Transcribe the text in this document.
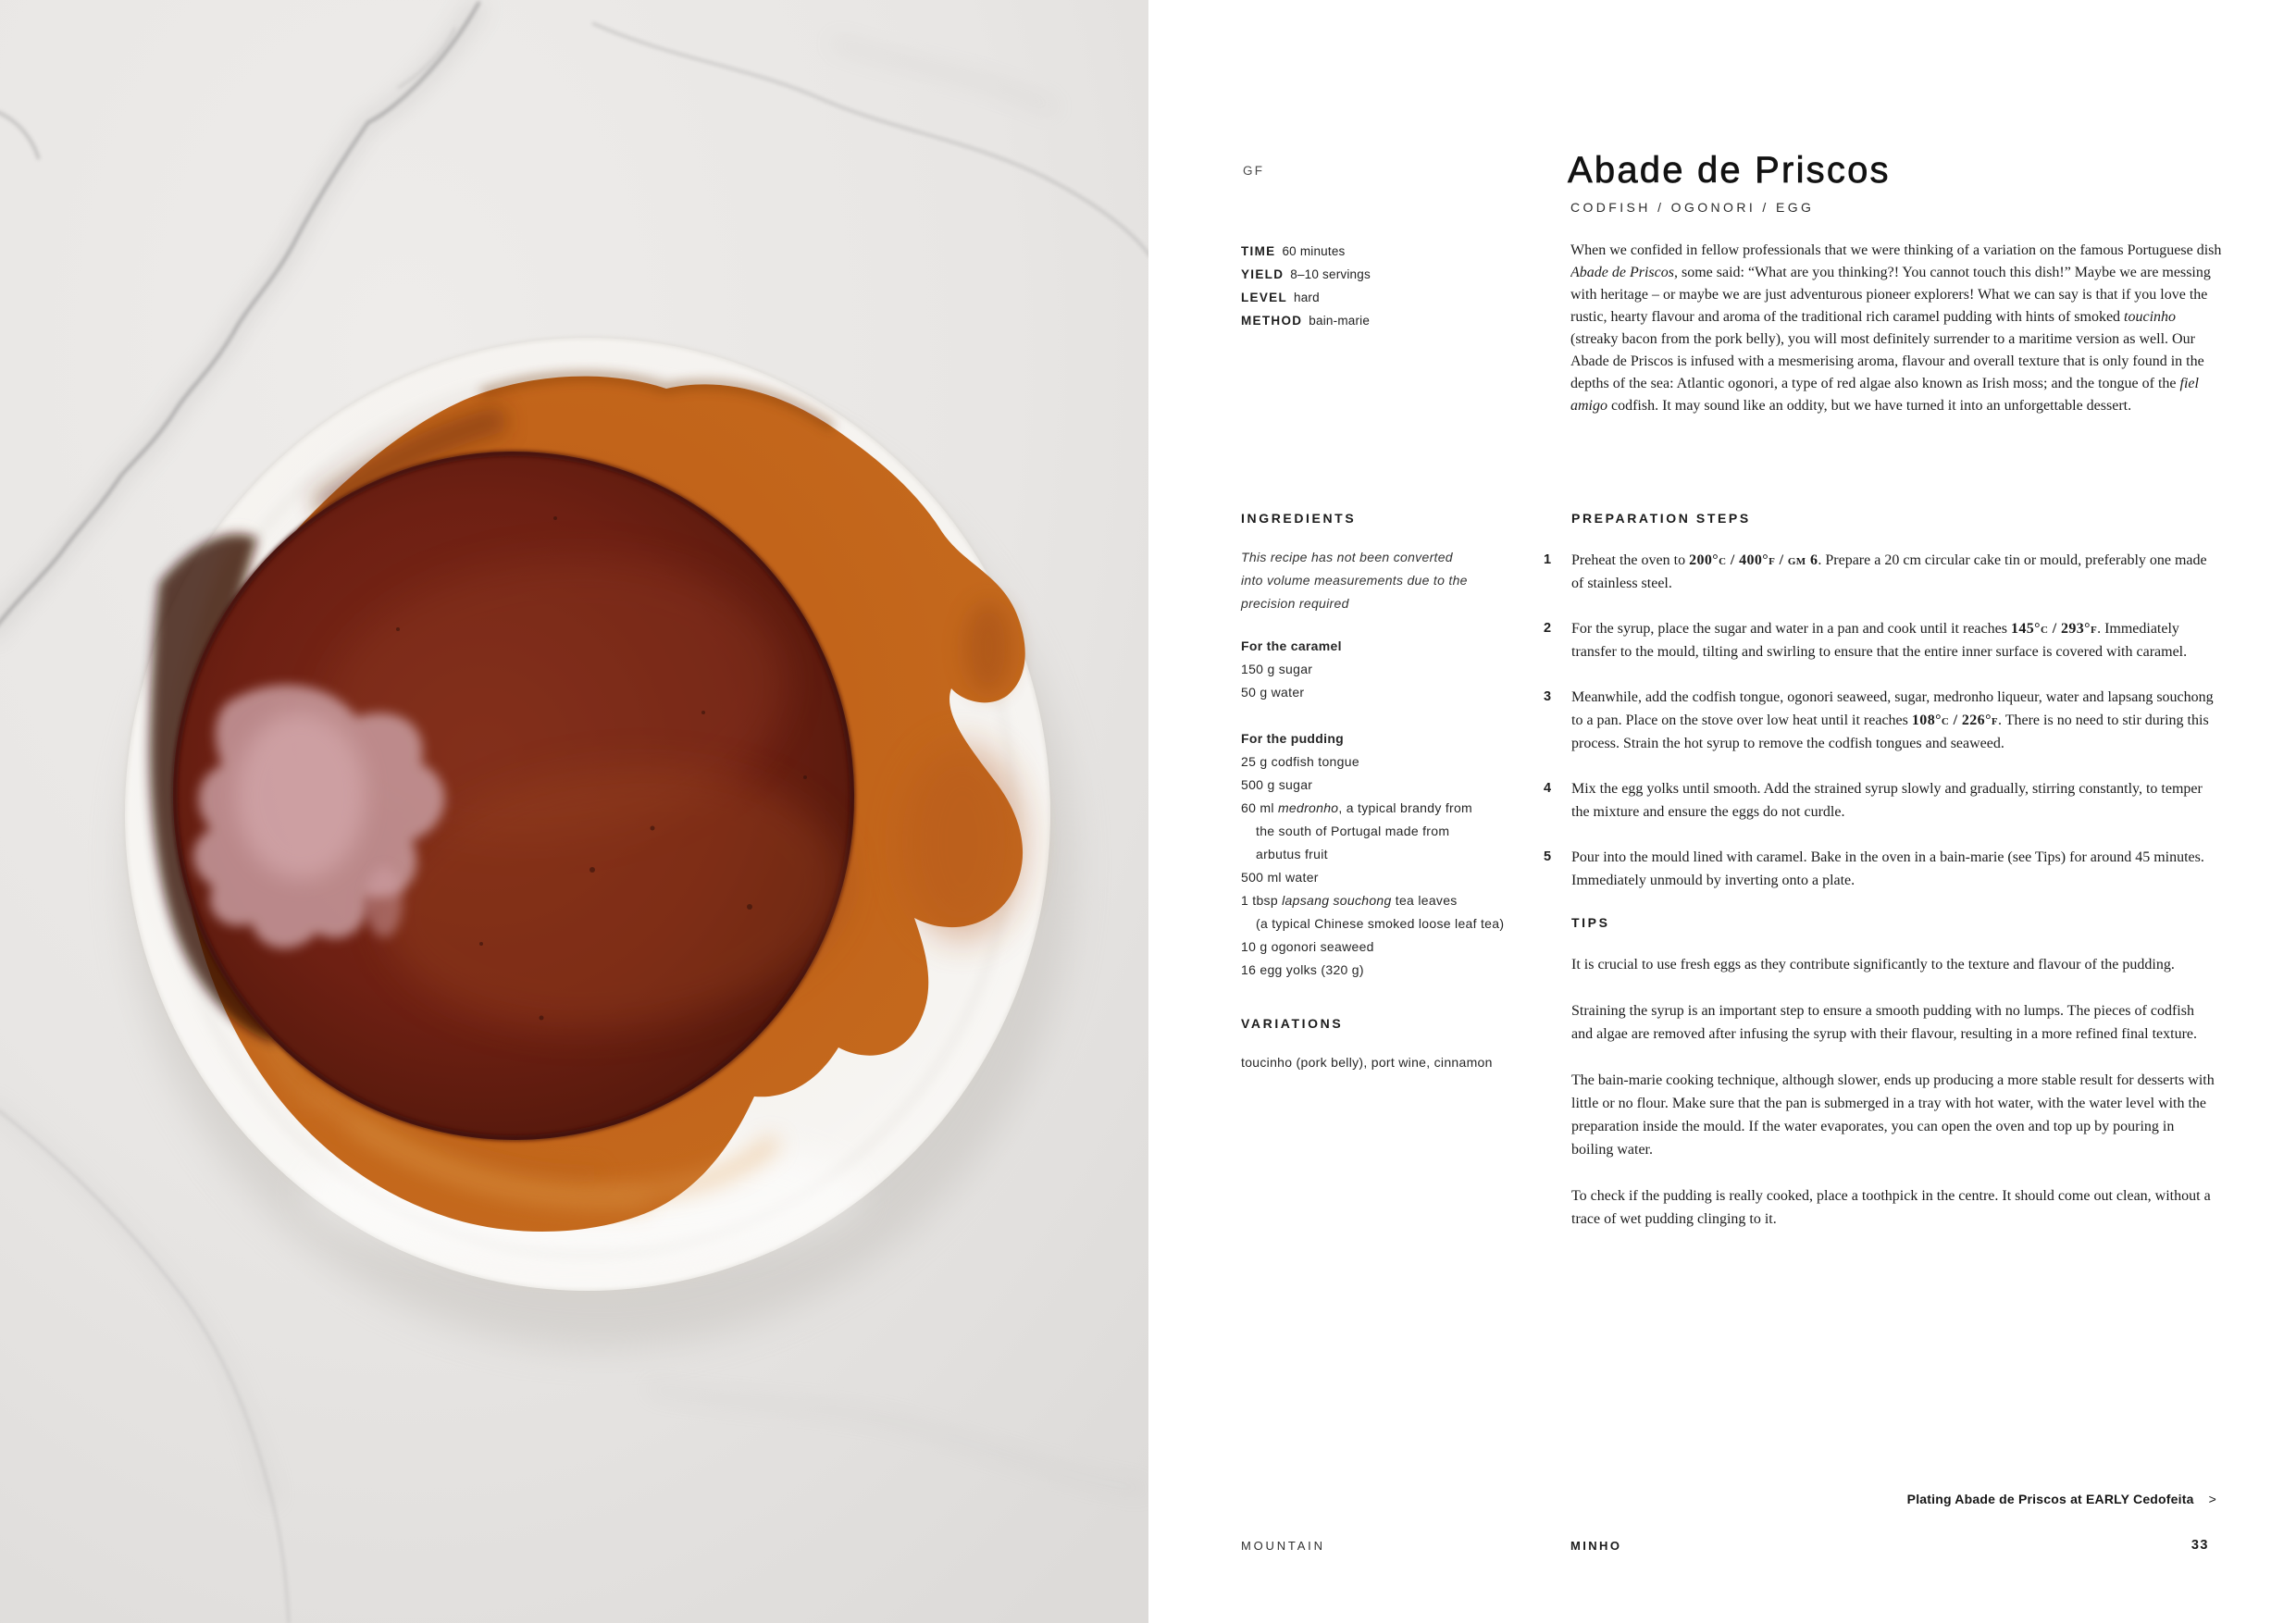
GF	Abade de Priscos
CODFISH / OGONORI / EGG
TIME 60 minutes
YIELD 8–10 servings
LEVEL hard
METHOD bain-marie
When we confided in fellow professionals that we were thinking of a variation on the famous Portuguese dish Abade de Priscos, some said: “What are you thinking?! You cannot touch this dish!” Maybe we are messing with heritage – or maybe we are just adventurous pioneer explorers! What we can say is that if you love the rustic, hearty flavour and aroma of the traditional rich caramel pudding with hints of smoked toucinho (streaky bacon from the pork belly), you will most definitely surrender to a maritime version as well. Our Abade de Priscos is infused with a mesmerising aroma, flavour and overall texture that is only found in the depths of the sea: Atlantic ogonori, a type of red algae also known as Irish moss; and the tongue of the fiel amigo codfish. It may sound like an oddity, but we have turned it into an unforgettable dessert.
INGREDIENTS
This recipe has not been converted
into volume measurements due to the
precision required
For the caramel
150 g sugar
50 g water
For the pudding
25 g codfish tongue
500 g sugar
60 ml medronho, a typical brandy from
the south of Portugal made from
arbutus fruit
500 ml water
1 tbsp lapsang souchong tea leaves
(a typical Chinese smoked loose leaf tea)
10 g ogonori seaweed
16 egg yolks (320 g)
VARIATIONS
toucinho (pork belly), port wine, cinnamon
PREPARATION STEPS
1	Preheat the oven to 200°c / 400°f / gm 6. Prepare a 20 cm circular cake tin or mould, preferably one made of stainless steel.
2	For the syrup, place the sugar and water in a pan and cook until it reaches 145°c / 293°f. Immediately transfer to the mould, tilting and swirling to ensure that the entire inner surface is covered with caramel.
3	Meanwhile, add the codfish tongue, ogonori seaweed, sugar, medronho liqueur, water and lapsang souchong to a pan. Place on the stove over low heat until it reaches 108°c / 226°f. There is no need to stir during this process. Strain the hot syrup to remove the codfish tongues and seaweed.
4	Mix the egg yolks until smooth. Add the strained syrup slowly and gradually, stirring constantly, to temper the mixture and ensure the eggs do not curdle.
5	Pour into the mould lined with caramel. Bake in the oven in a bain-marie (see Tips) for around 45 minutes. Immediately unmould by inverting onto a plate.
TIPS

It is crucial to use fresh eggs as they contribute significantly to the texture and flavour of the pudding.

Straining the syrup is an important step to ensure a smooth pudding with no lumps. The pieces of codfish and algae are removed after infusing the syrup with their flavour, resulting in a more refined final texture.

The bain-marie cooking technique, although slower, ends up producing a more stable result for desserts with little or no flour. Make sure that the pan is submerged in a tray with hot water, with the water level with the preparation inside the mould. If the water evaporates, you can open the oven and top up by pouring in boiling water.

To check if the pudding is really cooked, place a toothpick in the centre. It should come out clean, without a trace of wet pudding clinging to it.

Plating Abade de Priscos at EARLY Cedofeita >
MOUNTAIN	MINHO	33
